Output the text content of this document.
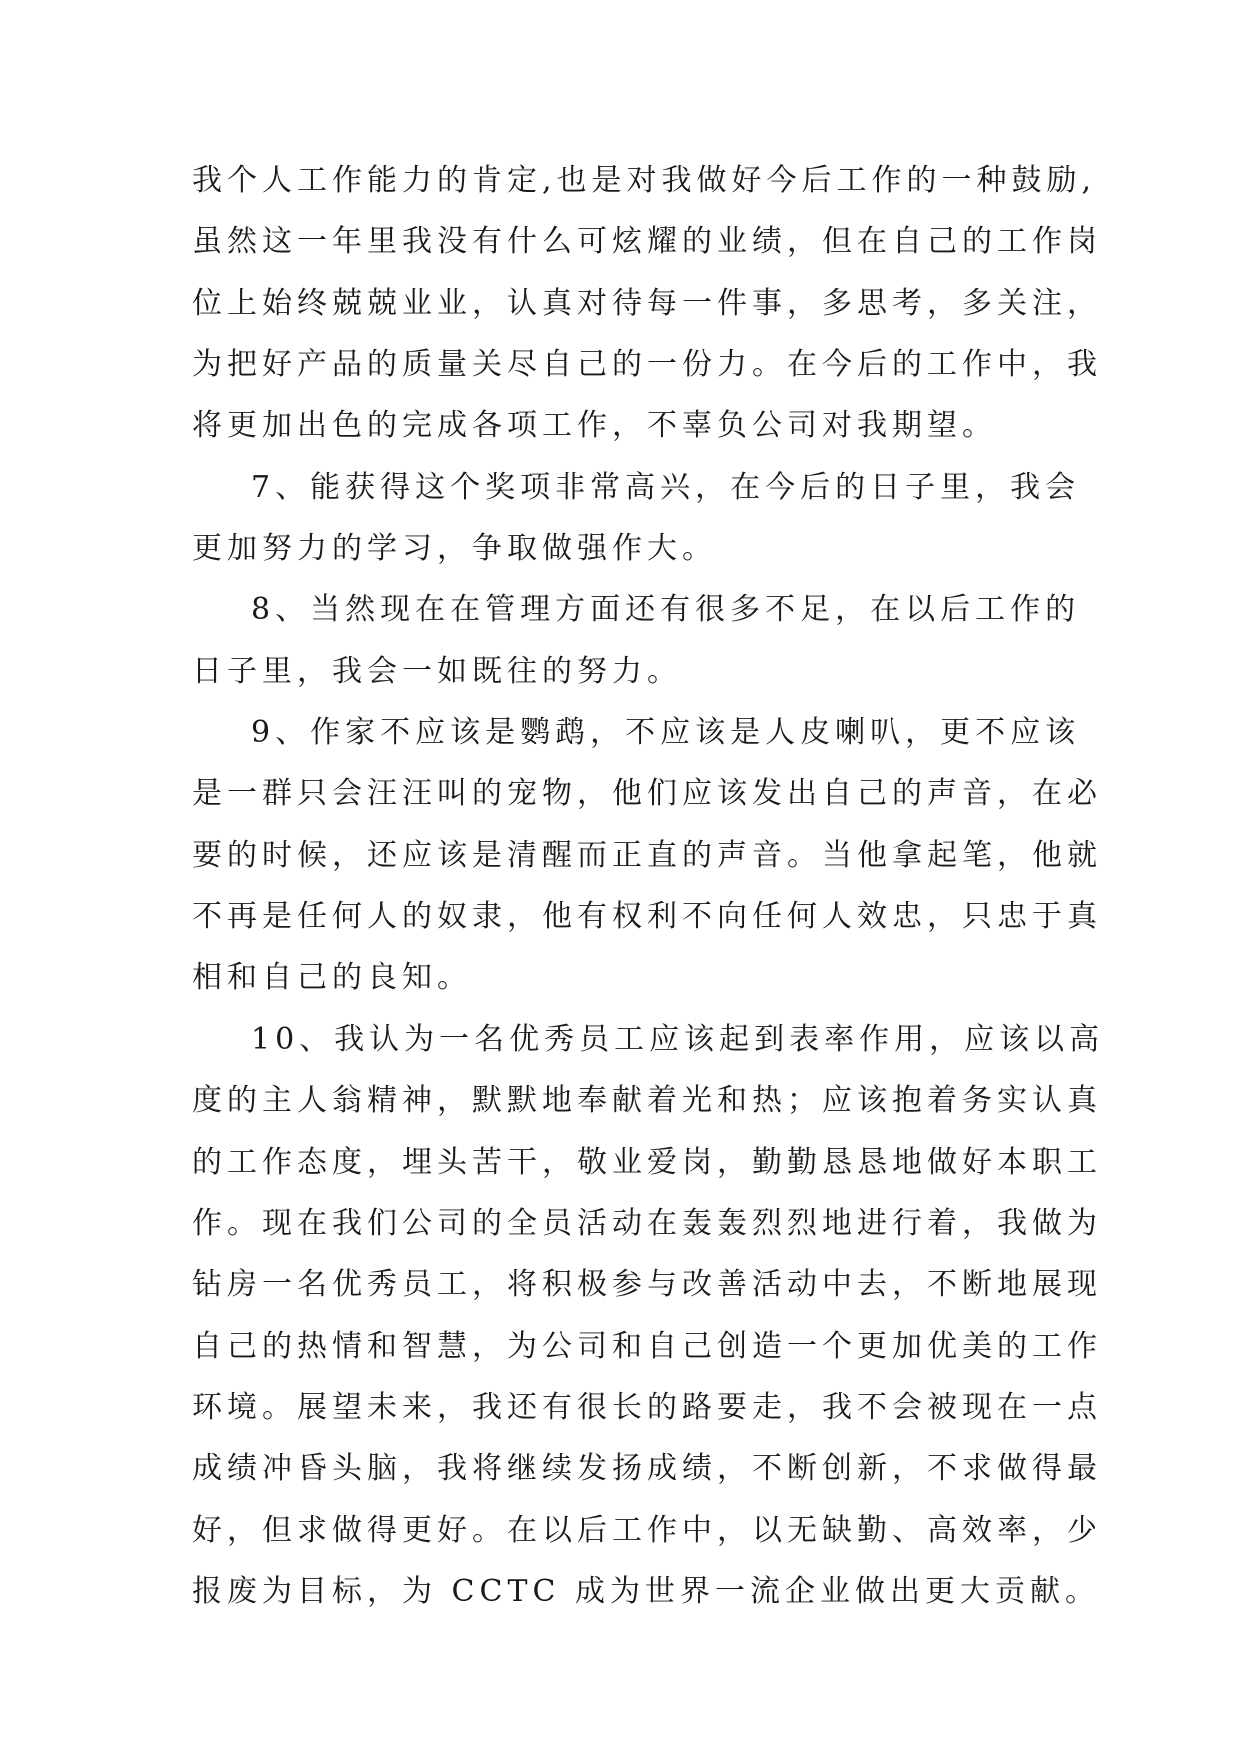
我个人工作能力的肯定,也是对我做好今后工作的一种鼓励,
虽然这一年里我没有什么可炫耀的业绩，但在自己的工作岗
位上始终兢兢业业，认真对待每一件事，多思考，多关注，
为把好产品的质量关尽自己的一份力。在今后的工作中，我
将更加出色的完成各项工作，不辜负公司对我期望。
7、能获得这个奖项非常高兴，在今后的日子里，我会
更加努力的学习，争取做强作大。
8、当然现在在管理方面还有很多不足，在以后工作的
日子里，我会一如既往的努力。
9、作家不应该是鹦鹉，不应该是人皮喇叭，更不应该
是一群只会汪汪叫的宠物，他们应该发出自己的声音，在必
要的时候，还应该是清醒而正直的声音。当他拿起笔，他就
不再是任何人的奴隶，他有权利不向任何人效忠，只忠于真
相和自己的良知。
10、我认为一名优秀员工应该起到表率作用，应该以高
度的主人翁精神，默默地奉献着光和热；应该抱着务实认真
的工作态度，埋头苦干，敬业爱岗，勤勤恳恳地做好本职工
作。现在我们公司的全员活动在轰轰烈烈地进行着，我做为
钻房一名优秀员工，将积极参与改善活动中去，不断地展现
自己的热情和智慧，为公司和自己创造一个更加优美的工作
环境。展望未来，我还有很长的路要走，我不会被现在一点
成绩冲昏头脑，我将继续发扬成绩，不断创新，不求做得最
好，但求做得更好。在以后工作中，以无缺勤、高效率，少
报废为目标，为 CCTC 成为世界一流企业做出更大贡献。
